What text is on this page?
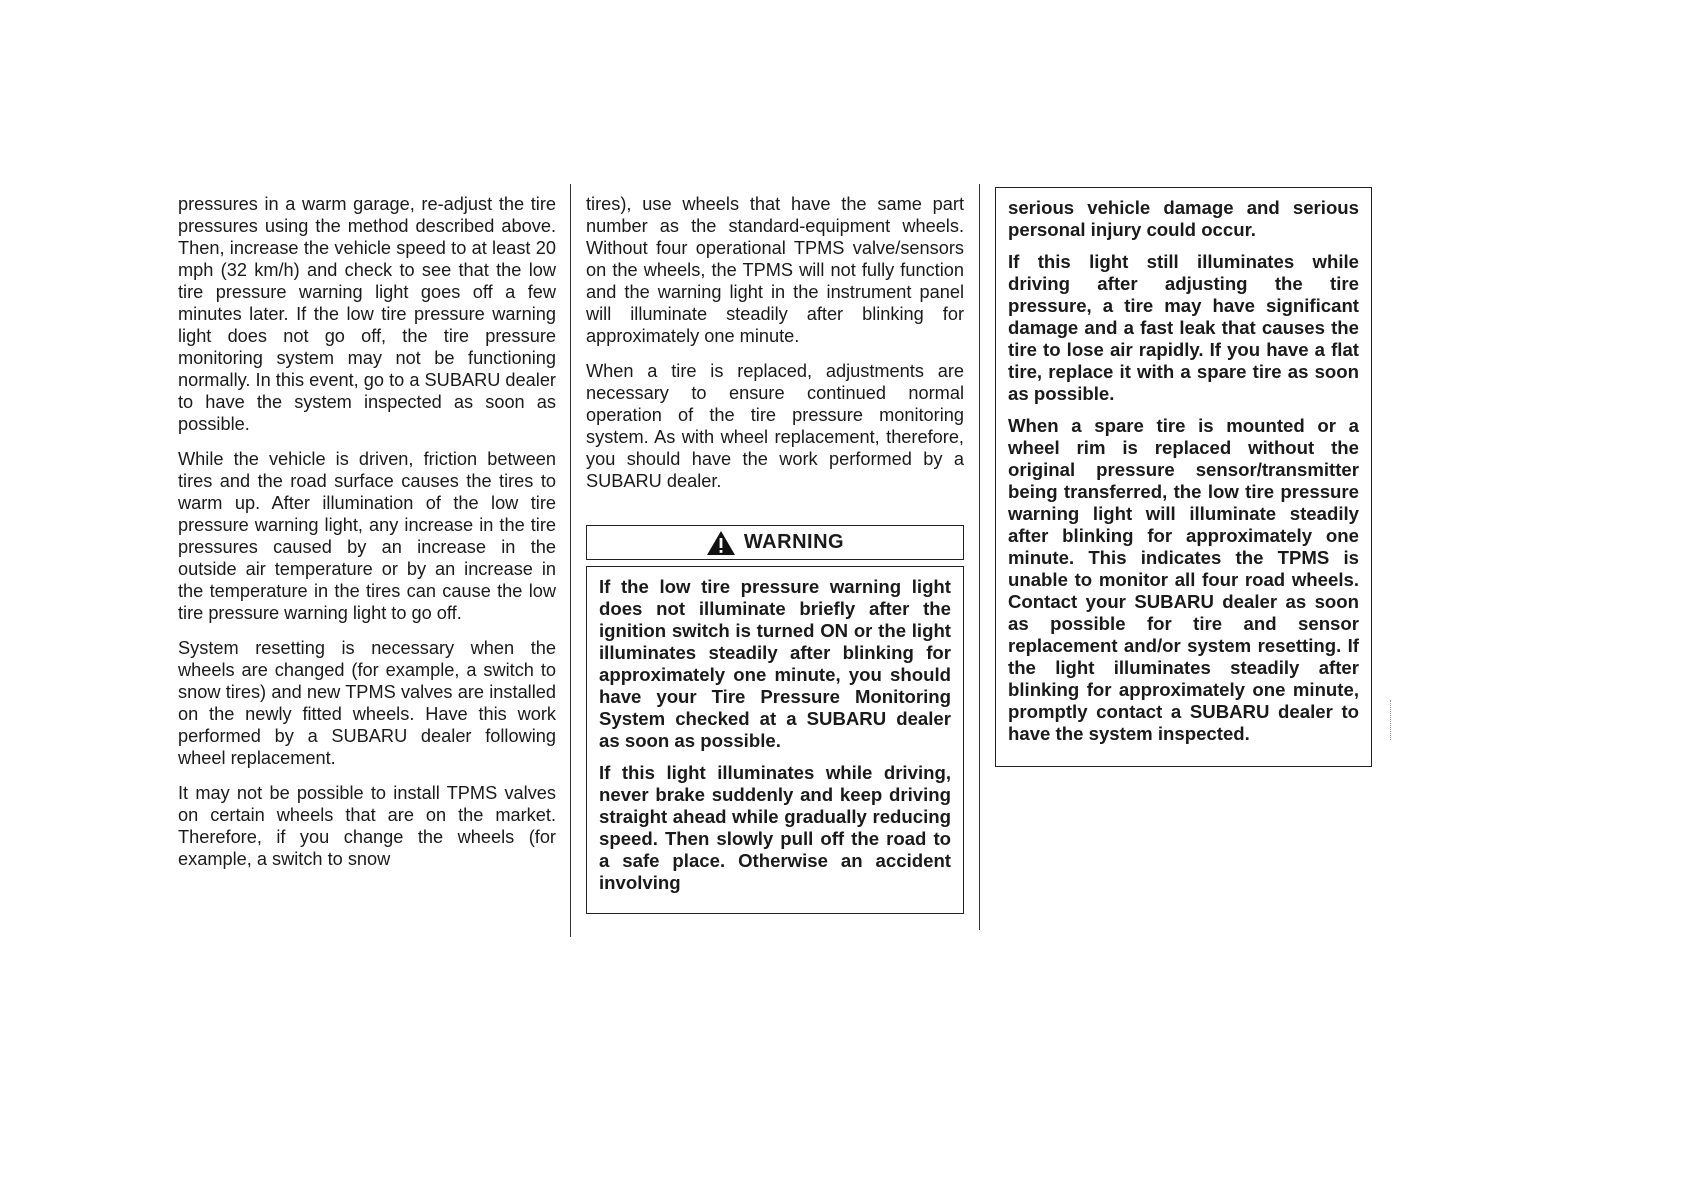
pressures in a warm garage, re-adjust the tire pressures using the method described above. Then, increase the vehicle speed to at least 20 mph (32 km/h) and check to see that the low tire pressure warning light goes off a few minutes later. If the low tire pressure warning light does not go off, the tire pressure monitoring system may not be functioning normally. In this event, go to a SUBARU dealer to have the system inspected as soon as possible.

While the vehicle is driven, friction between tires and the road surface causes the tires to warm up. After illumination of the low tire pressure warning light, any increase in the tire pressures caused by an increase in the outside air temperature or by an increase in the temperature in the tires can cause the low tire pressure warning light to go off.

System resetting is necessary when the wheels are changed (for example, a switch to snow tires) and new TPMS valves are installed on the newly fitted wheels. Have this work performed by a SUBARU dealer following wheel replacement.

It may not be possible to install TPMS valves on certain wheels that are on the market. Therefore, if you change the wheels (for example, a switch to snow

tires), use wheels that have the same part number as the standard-equipment wheels. Without four operational TPMS valve/sensors on the wheels, the TPMS will not fully function and the warning light in the instrument panel will illuminate steadily after blinking for approximately one minute.

When a tire is replaced, adjustments are necessary to ensure continued normal operation of the tire pressure monitoring system. As with wheel replacement, therefore, you should have the work performed by a SUBARU dealer.

WARNING

If the low tire pressure warning light does not illuminate briefly after the ignition switch is turned ON or the light illuminates steadily after blinking for approximately one minute, you should have your Tire Pressure Monitoring System checked at a SUBARU dealer as soon as possible.

If this light illuminates while driving, never brake suddenly and keep driving straight ahead while gradually reducing speed. Then slowly pull off the road to a safe place. Otherwise an accident involving

serious vehicle damage and serious personal injury could occur.

If this light still illuminates while driving after adjusting the tire pressure, a tire may have significant damage and a fast leak that causes the tire to lose air rapidly. If you have a flat tire, replace it with a spare tire as soon as possible.

When a spare tire is mounted or a wheel rim is replaced without the original pressure sensor/transmitter being transferred, the low tire pressure warning light will illuminate steadily after blinking for approximately one minute. This indicates the TPMS is unable to monitor all four road wheels. Contact your SUBARU dealer as soon as possible for tire and sensor replacement and/or system resetting. If the light illuminates steadily after blinking for approximately one minute, promptly contact a SUBARU dealer to have the system inspected.
